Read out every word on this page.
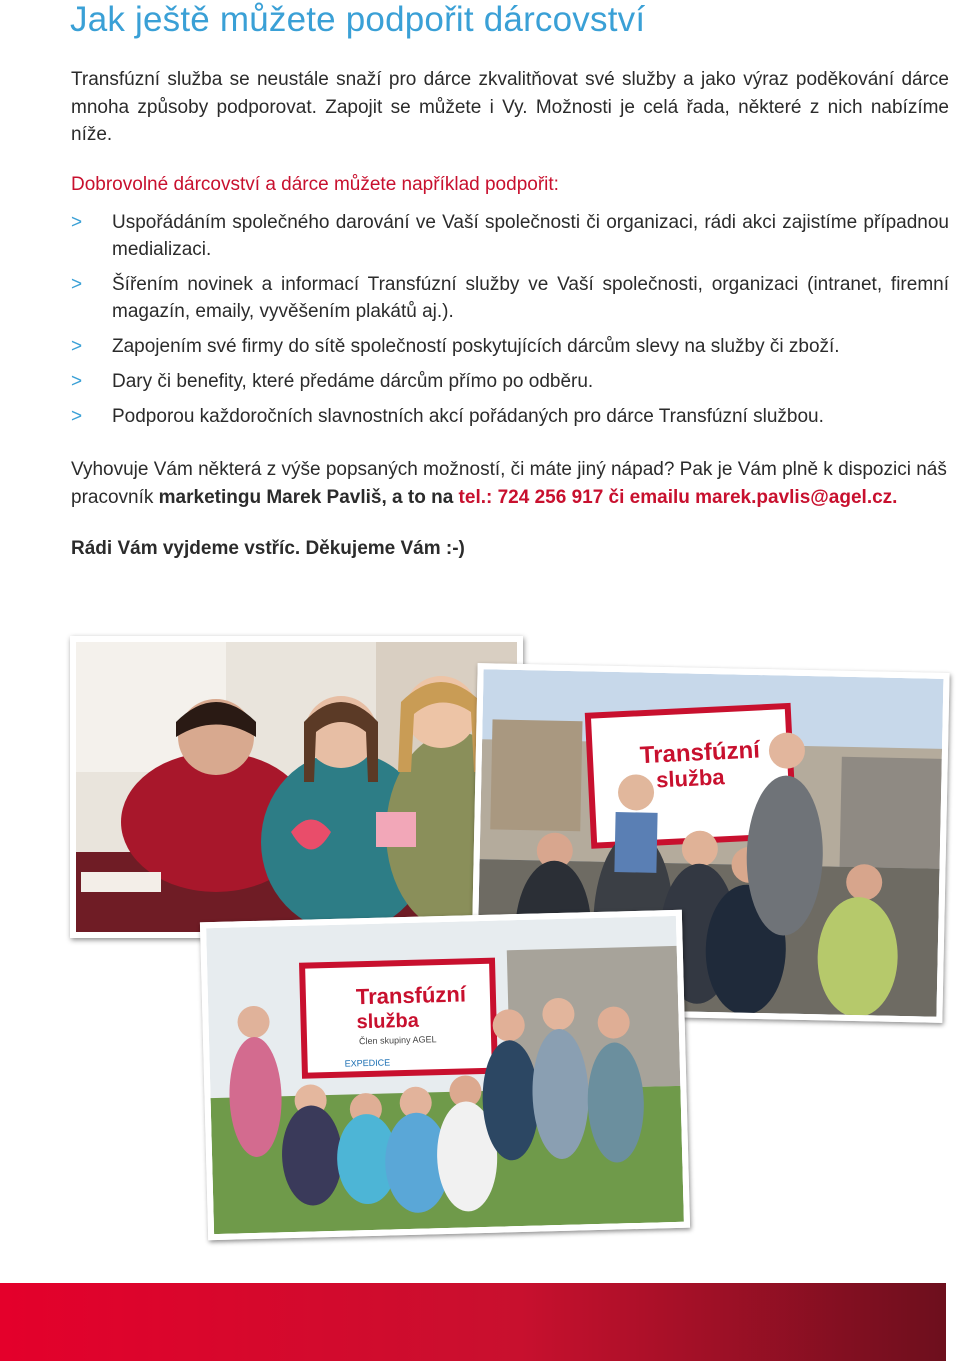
Jak ještě můžete podpořit dárcovství

Transfúzní služba se neustále snaží pro dárce zkvalitňovat své služby a jako výraz poděkování dárce mnoha způsoby podporovat. Zapojit se můžete i Vy. Možnosti je celá řada, některé z nich nabízíme níže.

Dobrovolné dárcovství a dárce můžete například podpořit:
> Uspořádáním společného darování ve Vaší společnosti či organizaci, rádi akci zajistíme případnou medializaci.
> Šířením novinek a informací Transfúzní služby ve Vaší společnosti, organizaci (intranet, firemní magazín, emaily, vyvěšením plakátů aj.).
> Zapojením své firmy do sítě společností poskytujících dárcům slevy na služby či zboží.
> Dary či benefity, které předáme dárcům přímo po odběru.
> Podporou každoročních slavnostních akcí pořádaných pro dárce Transfúzní službou.

Vyhovuje Vám některá z výše popsaných možností, či máte jiný nápad? Pak je Vám plně k dispozici náš pracovník marketingu Marek Pavliš, a to na tel.: 724 256 917 či emailu marek.pavlis@agel.cz.

Rádi Vám vyjdeme vstříc. Děkujeme Vám :-)

Transfúzní
služba
Transfúzní
služba
Člen skupiny AGEL
EXPEDICE
